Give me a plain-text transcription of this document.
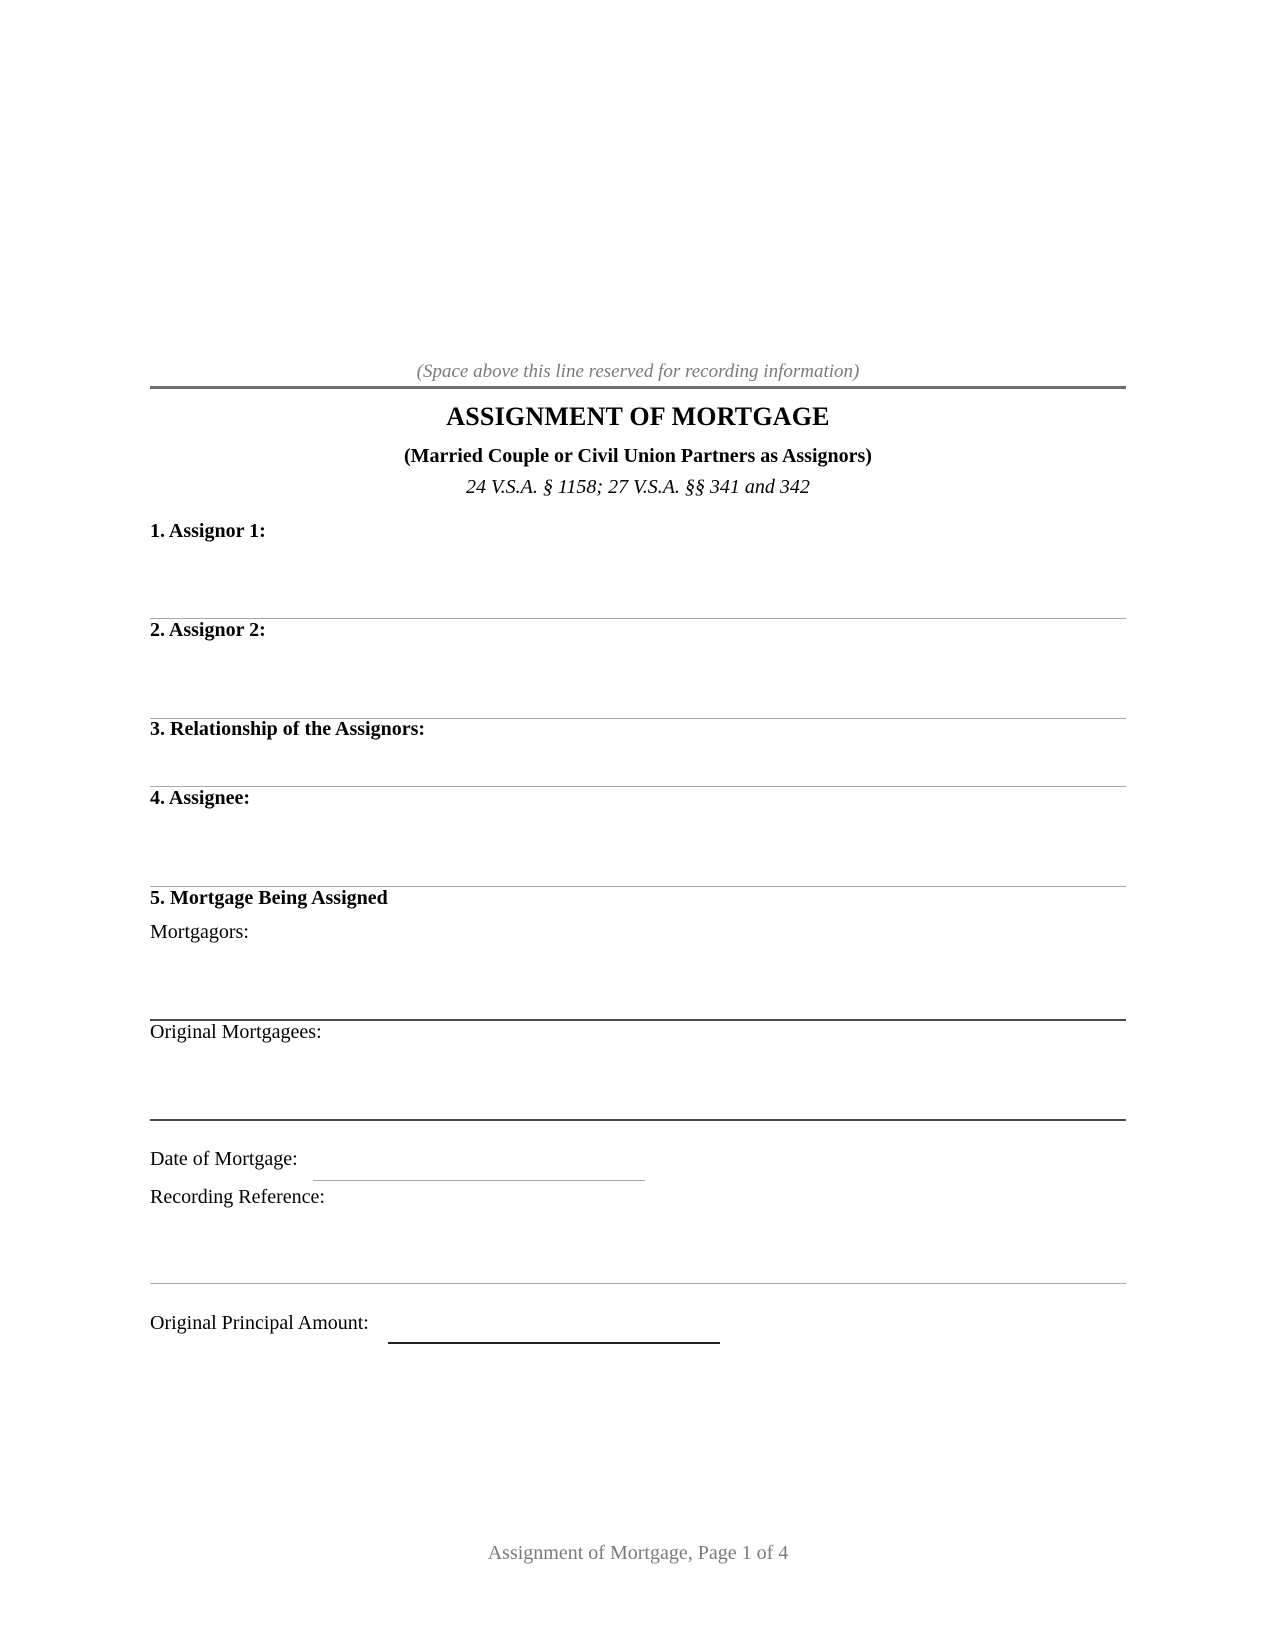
(Space above this line reserved for recording information)
ASSIGNMENT OF MORTGAGE
(Married Couple or Civil Union Partners as Assignors)
24 V.S.A. § 1158; 27 V.S.A. §§ 341 and 342
1. Assignor 1:
2. Assignor 2:
3. Relationship of the Assignors:
4. Assignee:
5. Mortgage Being Assigned
Mortgagors:
Original Mortgagees:
Date of Mortgage:
Recording Reference:
Original Principal Amount:
Assignment of Mortgage, Page 1 of 4
